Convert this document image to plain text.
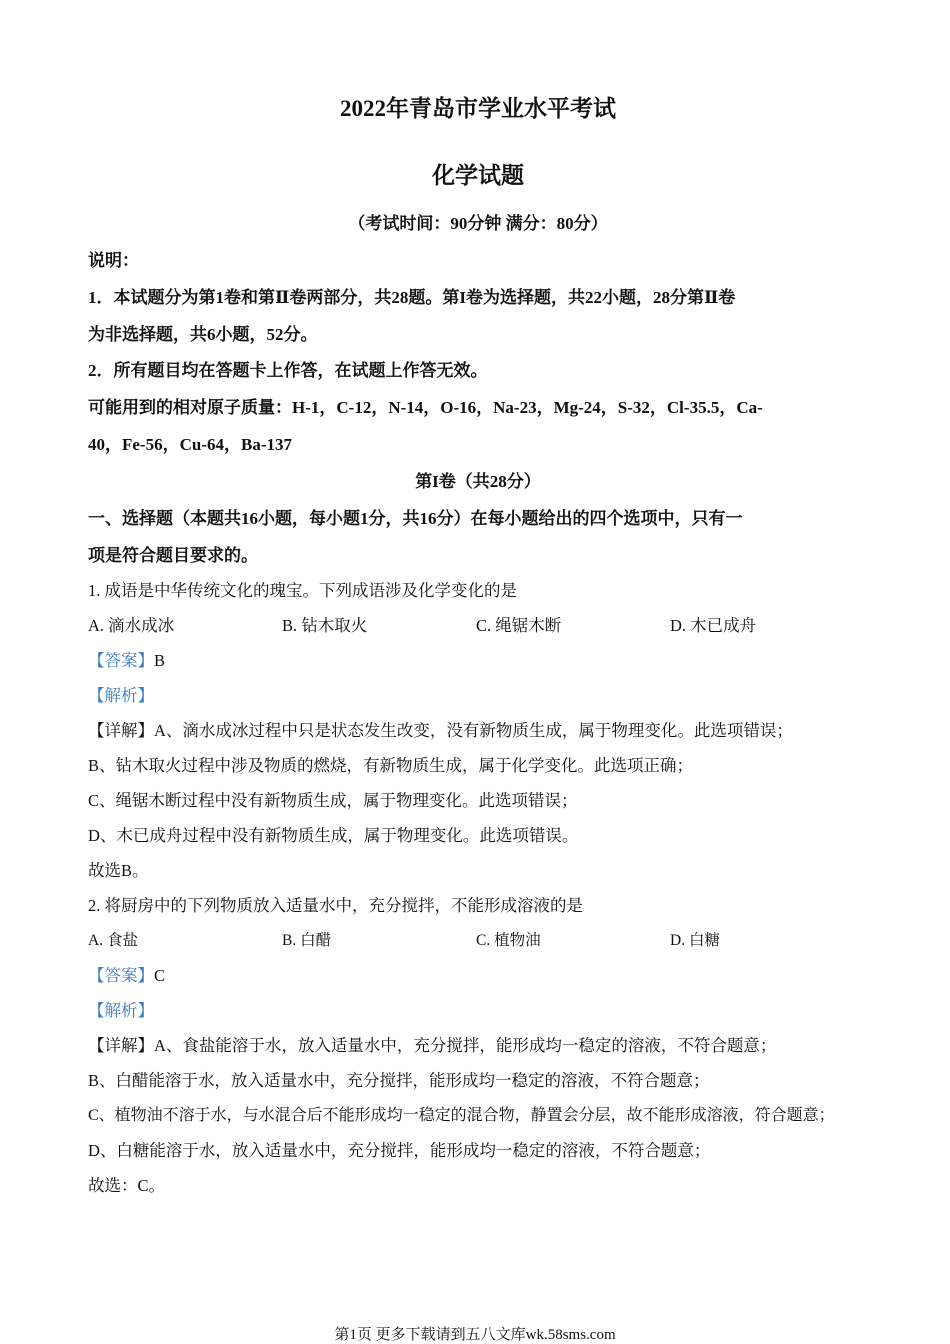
2022年青岛市学业水平考试
化学试题
（考试时间：90分钟 满分：80分）
说明：
1．本试题分为第1卷和第Ⅱ卷两部分，共28题。第I卷为选择题，共22小题，28分第Ⅱ卷
为非选择题，共6小题，52分。
2．所有题目均在答题卡上作答，在试题上作答无效。
可能用到的相对原子质量：H-1，C-12，N-14，O-16，Na-23，Mg-24，S-32，Cl-35.5，Ca-
40，Fe-56，Cu-64，Ba-137
第I卷（共28分）
一、选择题（本题共16小题，每小题1分，共16分）在每小题给出的四个选项中，只有一
项是符合题目要求的。
1. 成语是中华传统文化的瑰宝。下列成语涉及化学变化的是
A. 滴水成冰	B. 钻木取火	C. 绳锯木断	D. 木已成舟
【答案】B
【解析】
【详解】A、滴水成冰过程中只是状态发生改变，没有新物质生成，属于物理变化。此选项错误；
B、钻木取火过程中涉及物质的燃烧，有新物质生成，属于化学变化。此选项正确；
C、绳锯木断过程中没有新物质生成，属于物理变化。此选项错误；
D、木已成舟过程中没有新物质生成，属于物理变化。此选项错误。
故选B。
2. 将厨房中的下列物质放入适量水中，充分搅拌，不能形成溶液的是
A. 食盐	B. 白醋	C. 植物油	D. 白糖
【答案】C
【解析】
【详解】A、食盐能溶于水，放入适量水中，充分搅拌，能形成均一稳定的溶液，不符合题意；
B、白醋能溶于水，放入适量水中，充分搅拌，能形成均一稳定的溶液，不符合题意；
C、植物油不溶于水，与水混合后不能形成均一稳定的混合物，静置会分层，故不能形成溶液，符合题意；
D、白糖能溶于水，放入适量水中，充分搅拌，能形成均一稳定的溶液，不符合题意；
故选：C。
第1页 更多下载请到五八文库wk.58sms.com
